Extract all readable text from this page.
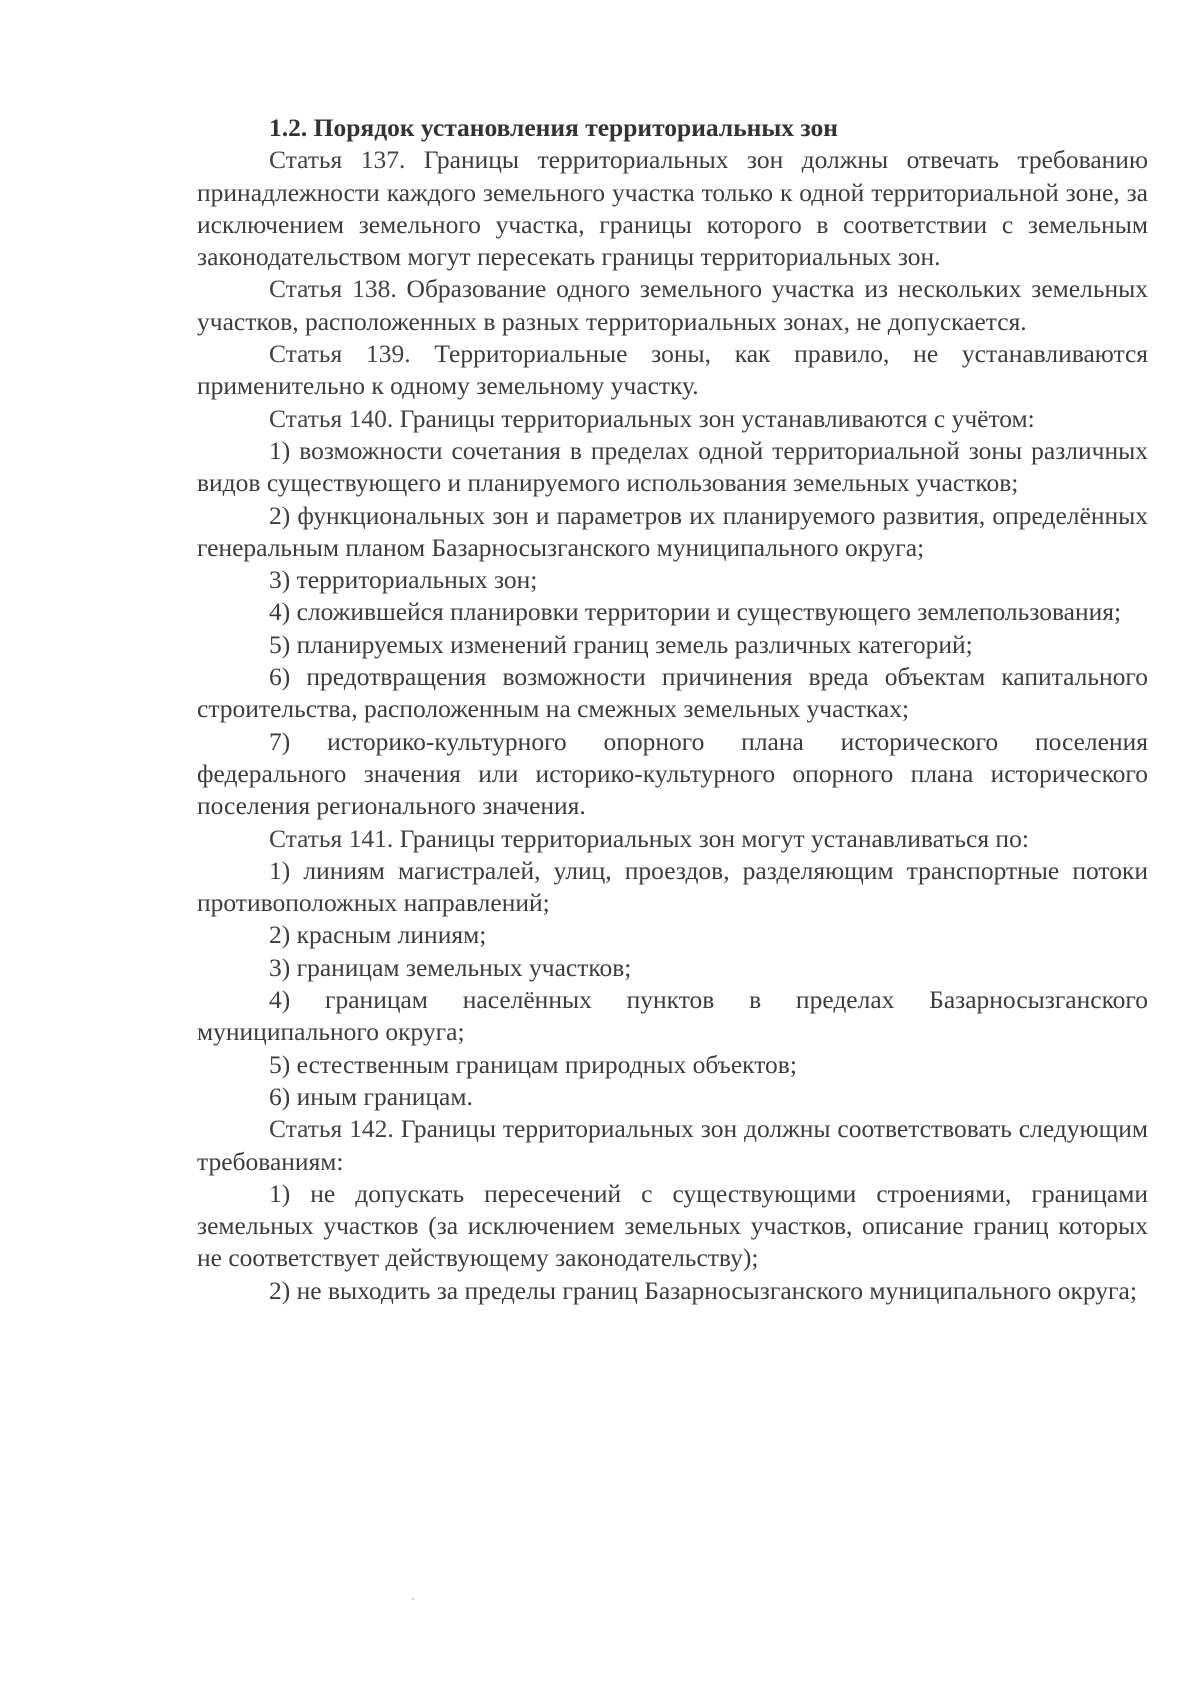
1.2. Порядок установления территориальных зон

Статья 137. Границы территориальных зон должны отвечать требованию принадлежности каждого земельного участка только к одной территориальной зоне, за исключением земельного участка, границы которого в соответствии с земельным законодательством могут пересекать границы территориальных зон.

Статья 138. Образование одного земельного участка из нескольких земельных участков, расположенных в разных территориальных зонах, не допускается.

Статья 139. Территориальные зоны, как правило, не устанавливаются применительно к одному земельному участку.

Статья 140. Границы территориальных зон устанавливаются с учётом:

1) возможности сочетания в пределах одной территориальной зоны различных видов существующего и планируемого использования земельных участков;

2) функциональных зон и параметров их планируемого развития, определённых генеральным планом Базарносызганского муниципального округа;

3) территориальных зон;

4) сложившейся планировки территории и существующего землепользования;

5) планируемых изменений границ земель различных категорий;

6) предотвращения возможности причинения вреда объектам капитального строительства, расположенным на смежных земельных участках;

7) историко-культурного опорного плана исторического поселения федерального значения или историко-культурного опорного плана исторического поселения регионального значения.

Статья 141. Границы территориальных зон могут устанавливаться по:

1) линиям магистралей, улиц, проездов, разделяющим транспортные потоки противоположных направлений;

2) красным линиям;

3) границам земельных участков;

4) границам населённых пунктов в пределах Базарносызганского муниципального округа;

5) естественным границам природных объектов;

6) иным границам.

Статья 142. Границы территориальных зон должны соответствовать следующим требованиям:

1) не допускать пересечений с существующими строениями, границами земельных участков (за исключением земельных участков, описание границ которых не соответствует действующему законодательству);

2) не выходить за пределы границ Базарносызганского муниципального округа;
